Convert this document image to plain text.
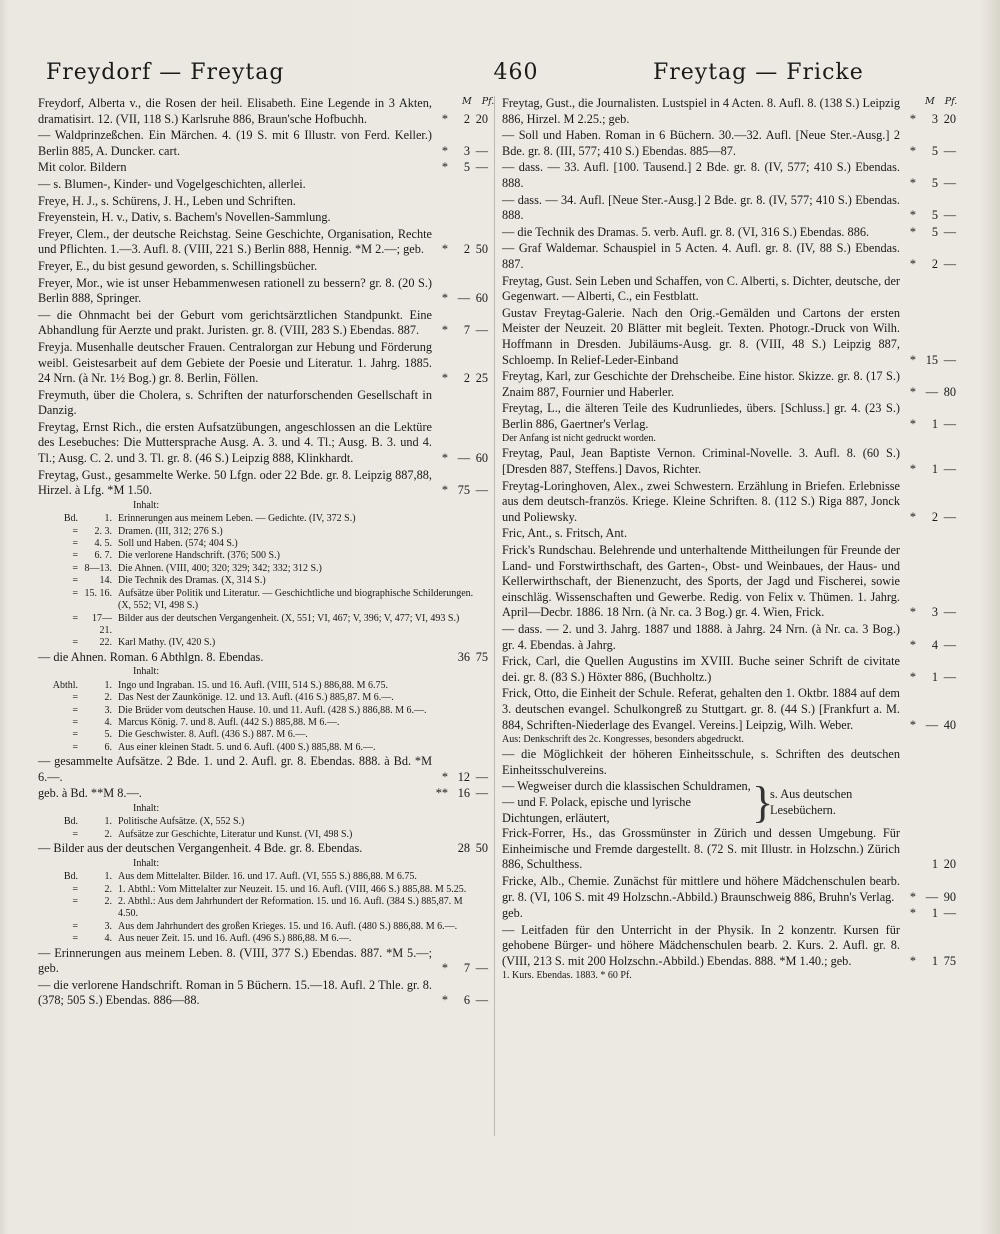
Freydorf — Freytag	460	Freytag — Fricke
M Pf.	M Pf.
Freydorf, Alberta v., die Rosen der heil. Elisabeth. Eine Legende in 3 Akten, dramatisirt. 12. (VII, 118 S.) Karlsruhe 886, Braun'sche Hofbuchh.	*	2 20
— Waldprinzeßchen. Ein Märchen. 4. (19 S. mit 6 Illustr. von Ferd. Keller.) Berlin 885, A. Duncker. cart.	*	3 —
Mit color. Bildern	*	5 —
— s. Blumen-, Kinder- und Vogelgeschichten, allerlei.
Freye, H. J., s. Schürens, J. H., Leben und Schriften.
Freyenstein, H. v., Dativ, s. Bachem's Novellen-Sammlung.
Freyer, Clem., der deutsche Reichstag. Seine Geschichte, Organisation, Rechte und Pflichten. 1.—3. Aufl. 8. (VIII, 221 S.) Berlin 888, Hennig. *M 2.—; geb. *	2 50
Freyer, E., du bist gesund geworden, s. Schillingsbücher.
Freyer, Mor., wie ist unser Hebammenwesen rationell zu bessern? gr. 8. (20 S.) Berlin 888, Springer.	* — 60
— die Ohnmacht bei der Geburt vom gerichtsärztlichen Standpunkt. Eine Abhandlung für Aerzte und prakt. Juristen. gr. 8. (VIII, 283 S.) Ebendas. 887. *	7 —
Freyja. Musenhalle deutscher Frauen. Centralorgan zur Hebung und Förderung weibl. Geistesarbeit auf dem Gebiete der Poesie und Literatur. 1. Jahrg. 1885. 24 Nrn. (à Nr. 1½ Bog.) gr. 8. Berlin, Föllen.	*	2 25
Freymuth, über die Cholera, s. Schriften der naturforschenden Gesellschaft in Danzig.
Freytag, Ernst Rich., die ersten Aufsatzübungen, angeschlossen an die Lektüre des Lesebuches: Die Muttersprache Ausg. A. 3. und 4. Tl.; Ausg. B. 3. und 4. Tl.; Ausg. C. 2. und 3. Tl. gr. 8. (46 S.) Leipzig 888, Klinkhardt.	* — 60
Freytag, Gust., gesammelte Werke. 50 Lfgn. oder 22 Bde. gr. 8. Leipzig 887,88, Hirzel. à Lfg. *M 1.50.	* 75 —
Inhalt:
Bd.	1. Erinnerungen aus meinem Leben. — Gedichte. (IV, 372 S.)
=	2. 3. Dramen. (III, 312; 276 S.)
=	4. 5. Soll und Haben. (574; 404 S.)
=	6. 7. Die verlorene Handschrift. (376; 500 S.)
= 8—13. Die Ahnen. (VIII, 400; 320; 329; 342; 332; 312 S.)
=	14. Die Technik des Dramas. (X, 314 S.)
= 15. 16. Aufsätze über Politik und Literatur. — Geschichtliche und biographische Schilderungen. (X, 552; VI, 498 S.)
=	17—21.
Bilder aus der deutschen Vergangenheit. (X, 551; VI, 467; V, 396; V, 477; VI, 493 S.)
=	22. Karl Mathy. (IV, 420 S.)
— die Ahnen. Roman. 6 Abthlgn. 8. Ebendas.	36 75
Inhalt:
Abthl.	1. Ingo und Ingraban. 15. und 16. Aufl. (VIII, 514 S.) 886,88. M 6.75.
=	2. Das Nest der Zaunkönige. 12. und 13. Aufl. (416 S.) 885,87. M 6.—.
=	3. Die Brüder vom deutschen Hause. 10. und 11. Aufl. (428 S.) 886,88. M 6.—.
=	4. Marcus König. 7. und 8. Aufl. (442 S.) 885,88. M 6.—.
=	5. Die Geschwister. 8. Aufl. (436 S.) 887. M 6.—.
=	6. Aus einer kleinen Stadt. 5. und 6. Aufl. (400 S.) 885,88. M 6.—.
— gesammelte Aufsätze. 2 Bde. 1. und 2. Aufl. gr. 8. Ebendas. 888. à Bd. *M 6.—.	* 12 —
geb. à Bd. **M 8.—.	** 16 —
Inhalt:
Bd.	1. Politische Aufsätze. (X, 552 S.)
=	2. Aufsätze zur Geschichte, Literatur und Kunst. (VI, 498 S.)
— Bilder aus der deutschen Vergangenheit. 4 Bde. gr. 8. Ebendas.	28 50
Inhalt:
Bd.	1. Aus dem Mittelalter. Bilder. 16. und 17. Aufl. (VI, 555 S.) 886,88. M 6.75.
=	2. 1. Abthl.: Vom Mittelalter zur Neuzeit. 15. und 16. Aufl. (VIII, 466 S.) 885,88. M 5.25.
=	2. 2. Abthl.: Aus dem Jahrhundert der Reformation. 15. und 16. Aufl. (384 S.) 885,87. M 4.50.
=	3. Aus dem Jahrhundert des großen Krieges. 15. und 16. Aufl. (480 S.) 886,88. M 6.—.
=	4. Aus neuer Zeit. 15. und 16. Aufl. (496 S.) 886,88. M 6.—.
— Erinnerungen aus meinem Leben. 8. (VIII, 377 S.) Ebendas. 887. *M 5.—; geb.	*	7 —
— die verlorene Handschrift. Roman in 5 Büchern. 15.—18. Aufl. 2 Thle. gr. 8. (378; 505 S.) Ebendas. 886—88.	*	6 —
Freytag, Gust., die Journalisten. Lustspiel in 4 Acten. 8. Aufl. 8. (138 S.) Leipzig 886, Hirzel. M 2.25.; geb.	*	3 20
— Soll und Haben. Roman in 6 Büchern. 30.—32. Aufl. [Neue Ster.-Ausg.] 2 Bde. gr. 8. (III, 577; 410 S.) Ebendas. 885—87.	*	5 —
— dass. — 33. Aufl. [100. Tausend.] 2 Bde. gr. 8. (IV, 577; 410 S.) Ebendas. 888.	*	5 —
— dass. — 34. Aufl. [Neue Ster.-Ausg.] 2 Bde. gr. 8. (IV, 577; 410 S.) Ebendas. 888.	*	5 —
— die Technik des Dramas. 5. verb. Aufl. gr. 8. (VI, 316 S.) Ebendas. 886.	*	5 —
— Graf Waldemar. Schauspiel in 5 Acten. 4. Aufl. gr. 8. (IV, 88 S.) Ebendas. 887.	*	2 —
Freytag, Gust. Sein Leben und Schaffen, von C. Alberti, s. Dichter, deutsche, der Gegenwart. — Alberti, C., ein Festblatt.
Gustav Freytag-Galerie. Nach den Orig.-Gemälden und Cartons der ersten Meister der Neuzeit. 20 Blätter mit begleit. Texten. Photogr.-Druck von Wilh. Hoffmann in Dresden. Jubiläums-Ausg. gr. 8. (VIII, 48 S.) Leipzig 887, Schloemp. In Relief-Leder-Einband	* 15 —
Freytag, Karl, zur Geschichte der Drehscheibe. Eine histor. Skizze. gr. 8. (17 S.) Znaim 887, Fournier und Haberler.	* — 80
Freytag, L., die älteren Teile des Kudrunliedes, übers. [Schluss.] gr. 4. (23 S.) Berlin 886, Gaertner's Verlag.	*	1 —
Der Anfang ist nicht gedruckt worden.
Freytag, Paul, Jean Baptiste Vernon. Criminal-Novelle. 3. Aufl. 8. (60 S.) [Dresden 887, Steffens.] Davos, Richter.	*	1 —
Freytag-Loringhoven, Alex., zwei Schwestern. Erzählung in Briefen. Erlebnisse aus dem deutsch-französ. Kriege. Kleine Schriften. 8. (112 S.) Riga 887, Jonck und Poliewsky.	*	2 —
Fric, Ant., s. Fritsch, Ant.
Frick's Rundschau. Belehrende und unterhaltende Mittheilungen für Freunde der Land- und Forstwirthschaft, des Garten-, Obst- und Weinbaues, der Haus- und Kellerwirthschaft, der Bienenzucht, des Sports, der Jagd und Fischerei, sowie einschläg. Wissenschaften und Gewerbe. Redig. von Felix v. Thümen. 1. Jahrg. April—Decbr. 1886. 18 Nrn. (à Nr. ca. 3 Bog.) gr. 4. Wien, Frick.	*	3 —
— dass. — 2. und 3. Jahrg. 1887 und 1888. à Jahrg. 24 Nrn. (à Nr. ca. 3 Bog.) gr. 4. Ebendas. à Jahrg.	*	4 —
Frick, Carl, die Quellen Augustins im XVIII. Buche seiner Schrift de civitate dei. gr. 8. (83 S.) Höxter 886, (Buchholtz.)	*	1 —
Frick, Otto, die Einheit der Schule. Referat, gehalten den 1. Oktbr. 1884 auf dem 3. deutschen evangel. Schulkongreß zu Stuttgart. gr. 8. (44 S.) [Frankfurt a. M. 884, Schriften-Niederlage des Evangel. Vereins.] Leipzig, Wilh. Weber.	* — 40
Aus: Denkschrift des 2c. Kongresses, besonders abgedruckt.
— die Möglichkeit der höheren Einheitsschule, s. Schriften des deutschen Einheitsschulvereins.
— Wegweiser durch die klassischen Schuldramen,
— und F. Polack, epische und lyrische Dichtungen, erläutert,	}
s. Aus deutschen Lesebüchern.
Frick-Forrer, Hs., das Grossmünster in Zürich und dessen Umgebung. Für Einheimische und Fremde dargestellt. 8. (72 S. mit Illustr. in Holzschn.) Zürich 886, Schulthess.	1 20
Fricke, Alb., Chemie. Zunächst für mittlere und höhere Mädchenschulen bearb. gr. 8. (VI, 106 S. mit 49 Holzschn.-Abbild.) Braunschweig 886, Bruhn's Verlag. * — 90
geb.	*	1 —
— Leitfaden für den Unterricht in der Physik. In 2 konzentr. Kursen für gehobene Bürger- und höhere Mädchenschulen bearb. 2. Kurs. 2. Aufl. gr. 8. (VIII, 213 S. mit 200 Holzschn.-Abbild.) Ebendas. 888. *M 1.40.; geb.	*	1 75
1. Kurs. Ebendas. 1883. * 60 Pf.
